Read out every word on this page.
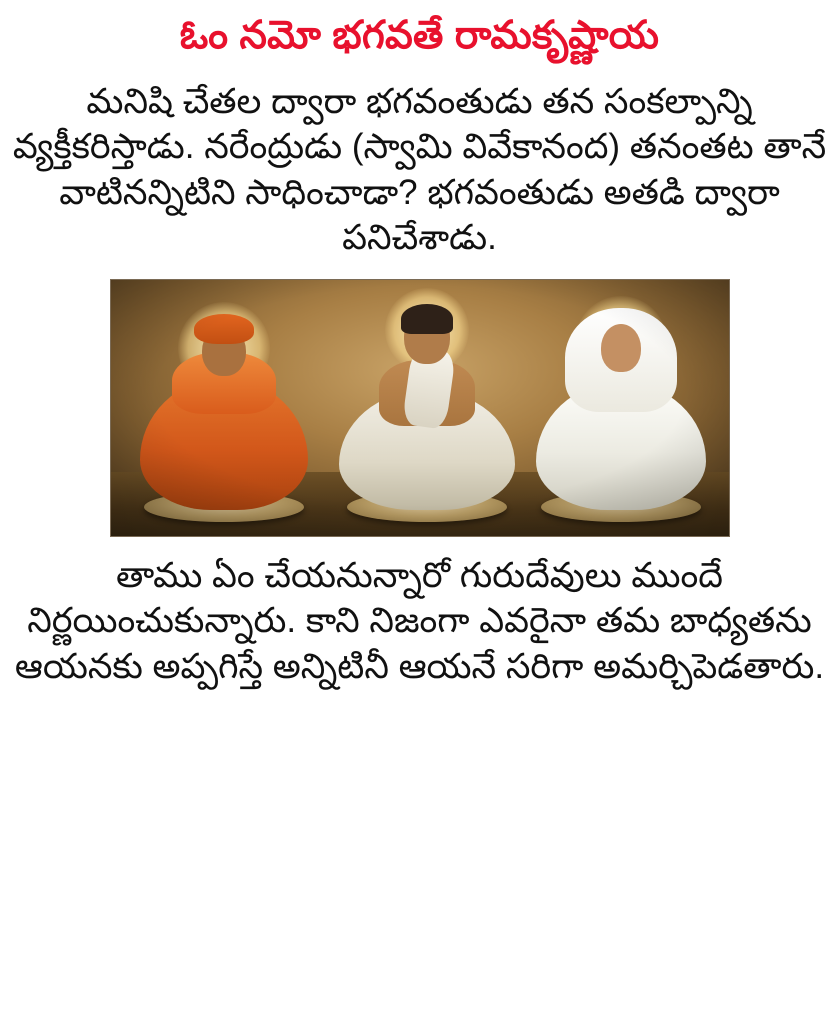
ఓం నమో భగవతే రామకృష్ణాయ
మనిషి చేతల ద్వారా భగవంతుడు తన సంకల్పాన్ని వ్యక్తీకరిస్తాడు. నరేంద్రుడు (స్వామి వివేకానంద) తనంతట తానే వాటినన్నిటిని సాధించాడా? భగవంతుడు అతడి ద్వారా పనిచేశాడు.
తాము ఏం చేయనున్నారో గురుదేవులు ముందే నిర్ణయించుకున్నారు. కాని నిజంగా ఎవరైనా తమ బాధ్యతను ఆయనకు అప్పగిస్తే అన్నిటినీ ఆయనే సరిగా అమర్చిపెడతారు.
